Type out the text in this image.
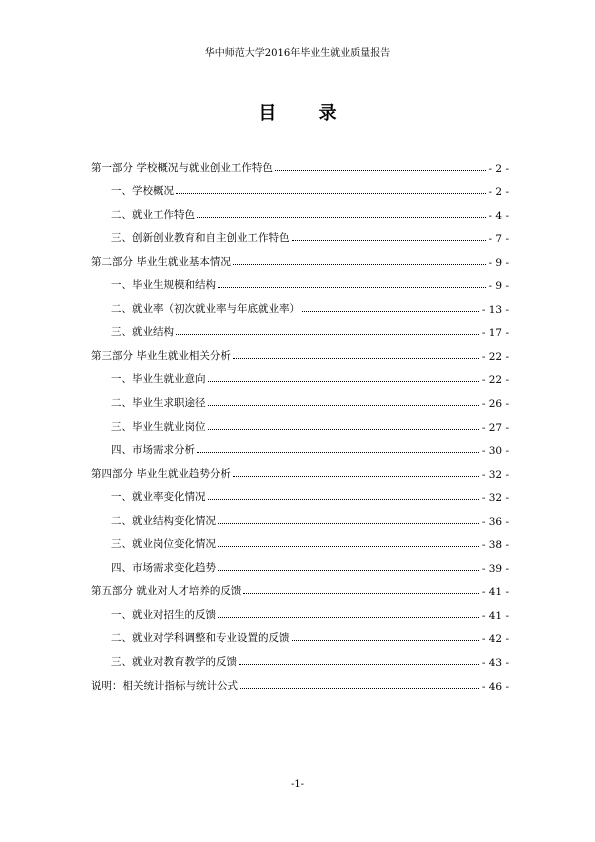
华中师范大学2016年毕业生就业质量报告
目 录
第一部分 学校概况与就业创业工作特色	- 2 -
一、学校概况	- 2 -
二、就业工作特色	- 4 -
三、创新创业教育和自主创业工作特色	- 7 -
第二部分 毕业生就业基本情况	- 9 -
一、毕业生规模和结构	- 9 -
二、就业率（初次就业率与年底就业率）	- 13 -
三、就业结构	- 17 -
第三部分 毕业生就业相关分析	- 22 -
一、毕业生就业意向	- 22 -
二、毕业生求职途径	- 26 -
三、毕业生就业岗位	- 27 -
四、市场需求分析	- 30 -
第四部分 毕业生就业趋势分析	- 32 -
一、就业率变化情况	- 32 -
二、就业结构变化情况	- 36 -
三、就业岗位变化情况	- 38 -
四、市场需求变化趋势	- 39 -
第五部分 就业对人才培养的反馈	- 41 -
一、就业对招生的反馈	- 41 -
二、就业对学科调整和专业设置的反馈	- 42 -
三、就业对教育教学的反馈	- 43 -
说明：相关统计指标与统计公式	- 46 -
-1-
